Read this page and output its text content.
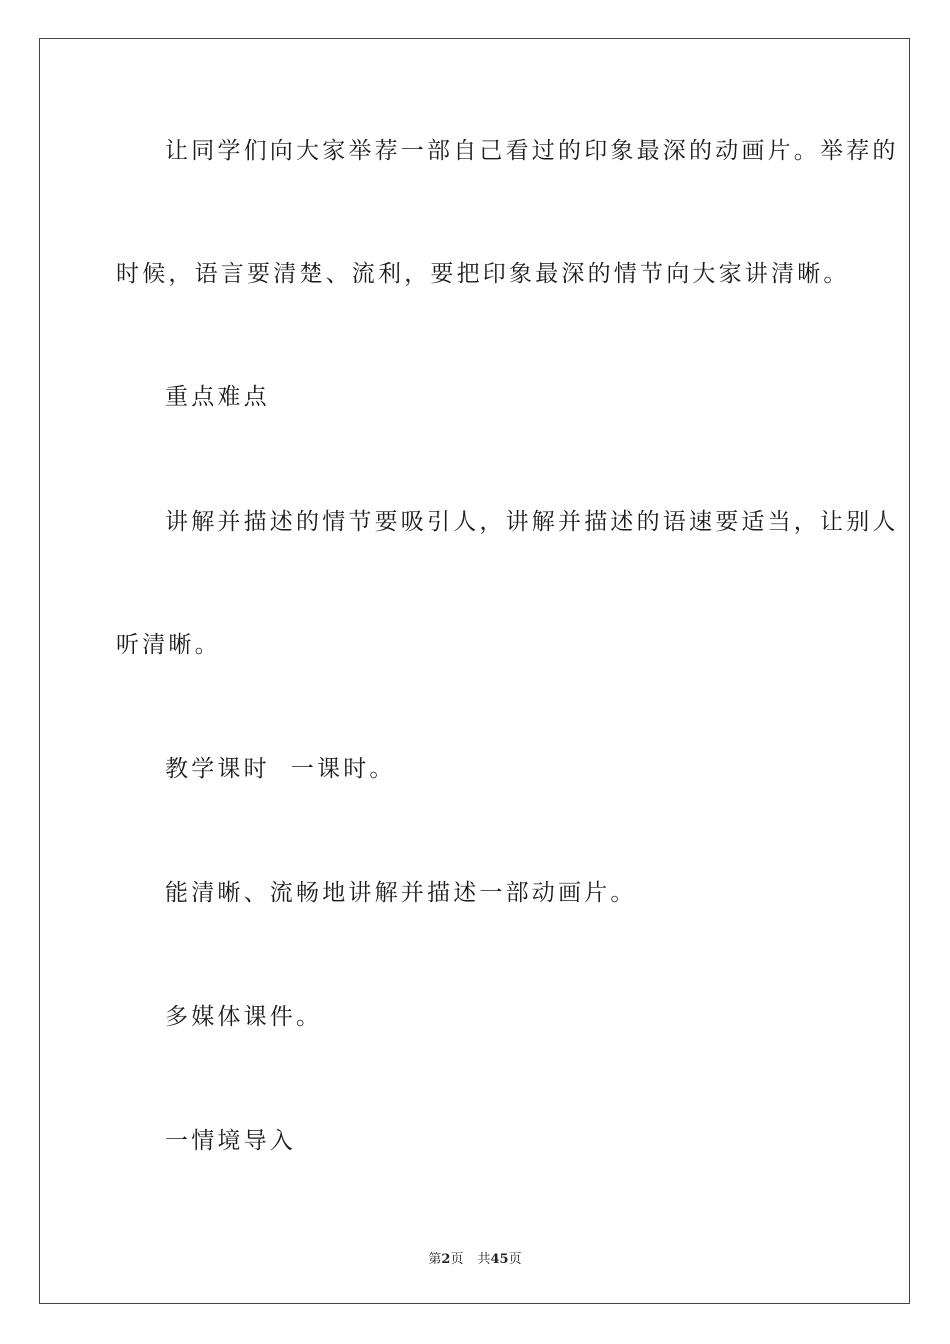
让同学们向大家举荐一部自己看过的印象最深的动画片。举荐的
时候，语言要清楚、流利，要把印象最深的情节向大家讲清晰。
重点难点
讲解并描述的情节要吸引人，讲解并描述的语速要适当，让别人
听清晰。
教学课时  一课时。
能清晰、流畅地讲解并描述一部动画片。
多媒体课件。
一情境导入
第2页 共45页
